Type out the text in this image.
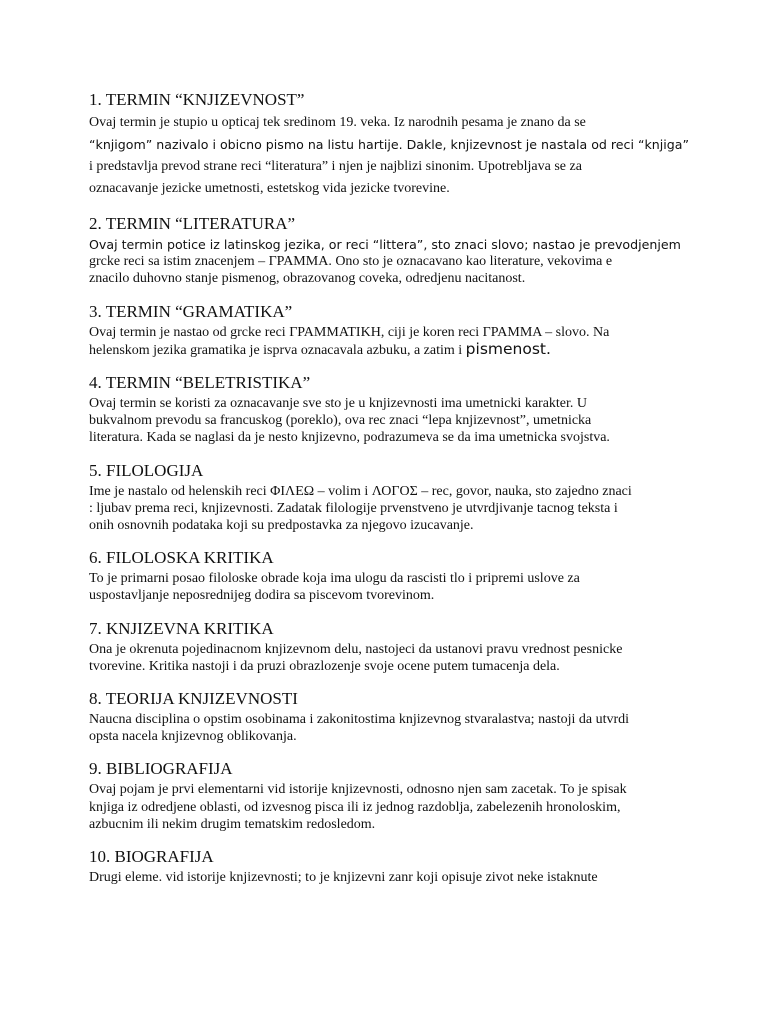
1. TERMIN “KNJIZEVNOST”

Ovaj termin je stupio u opticaj tek sredinom 19. veka. Iz narodnih pesama je znano da se
“knjigom” nazivalo i obicno pismo na listu hartije. Dakle, knjizevnost je nastala od reci “knjiga”
i predstavlja prevod strane reci “literatura” i njen je najblizi sinonim. Upotrebljava se za
oznacavanje jezicke umetnosti, estetskog vida jezicke tvorevine.

2. TERMIN “LITERATURA”

Ovaj termin potice iz latinskog jezika, or reci “littera”, sto znaci slovo; nastao je prevodjenjem
grcke reci sa istim znacenjem – ΓΡΑΜΜΑ. Ono sto je oznacavano kao literature, vekovima e
znacilo duhovno stanje pismenog, obrazovanog coveka, odredjenu nacitanost.

3. TERMIN “GRAMATIKA”

Ovaj termin je nastao od grcke reci ΓΡΑΜΜΑΤΙΚΗ, ciji je koren reci ΓΡΑΜΜΑ – slovo. Na
helenskom jezika gramatika je isprva oznacavala azbuku, a zatim i pismenost.

4. TERMIN “BELETRISTIKA”

Ovaj termin se koristi za oznacavanje sve sto je u knjizevnosti ima umetnicki karakter. U
bukvalnom prevodu sa francuskog (poreklo), ova rec znaci “lepa knjizevnost”, umetnicka
literatura. Kada se naglasi da je nesto knjizevno, podrazumeva se da ima umetnicka svojstva.

5. FILOLOGIJA

Ime je nastalo od helenskih reci ΦΙΛΕΩ – volim i ΛΟΓΟΣ – rec, govor, nauka, sto zajedno znaci
: ljubav prema reci, knjizevnosti. Zadatak filologije prvenstveno je utvrdjivanje tacnog teksta i
onih osnovnih podataka koji su predpostavka za njegovo izucavanje.

6. FILOLOSKA KRITIKA

To je primarni posao filoloske obrade koja ima ulogu da rascisti tlo i pripremi uslove za
uspostavljanje neposrednijeg dodira sa piscevom tvorevinom.

7. KNJIZEVNA KRITIKA

Ona je okrenuta pojedinacnom knjizevnom delu, nastojeci da ustanovi pravu vrednost pesnicke
tvorevine. Kritika nastoji i da pruzi obrazlozenje svoje ocene putem tumacenja dela.

8. TEORIJA KNJIZEVNOSTI

Naucna disciplina o opstim osobinama i zakonitostima knjizevnog stvaralastva; nastoji da utvrdi
opsta nacela knjizevnog oblikovanja.

9. BIBLIOGRAFIJA

Ovaj pojam je prvi elementarni vid istorije knjizevnosti, odnosno njen sam zacetak. To je spisak
knjiga iz odredjene oblasti, od izvesnog pisca ili iz jednog razdoblja, zabelezenih hronoloskim,
azbucnim ili nekim drugim tematskim redosledom.

10. BIOGRAFIJA

Drugi eleme. vid istorije knjizevnosti; to je knjizevni zanr koji opisuje zivot neke istaknute
